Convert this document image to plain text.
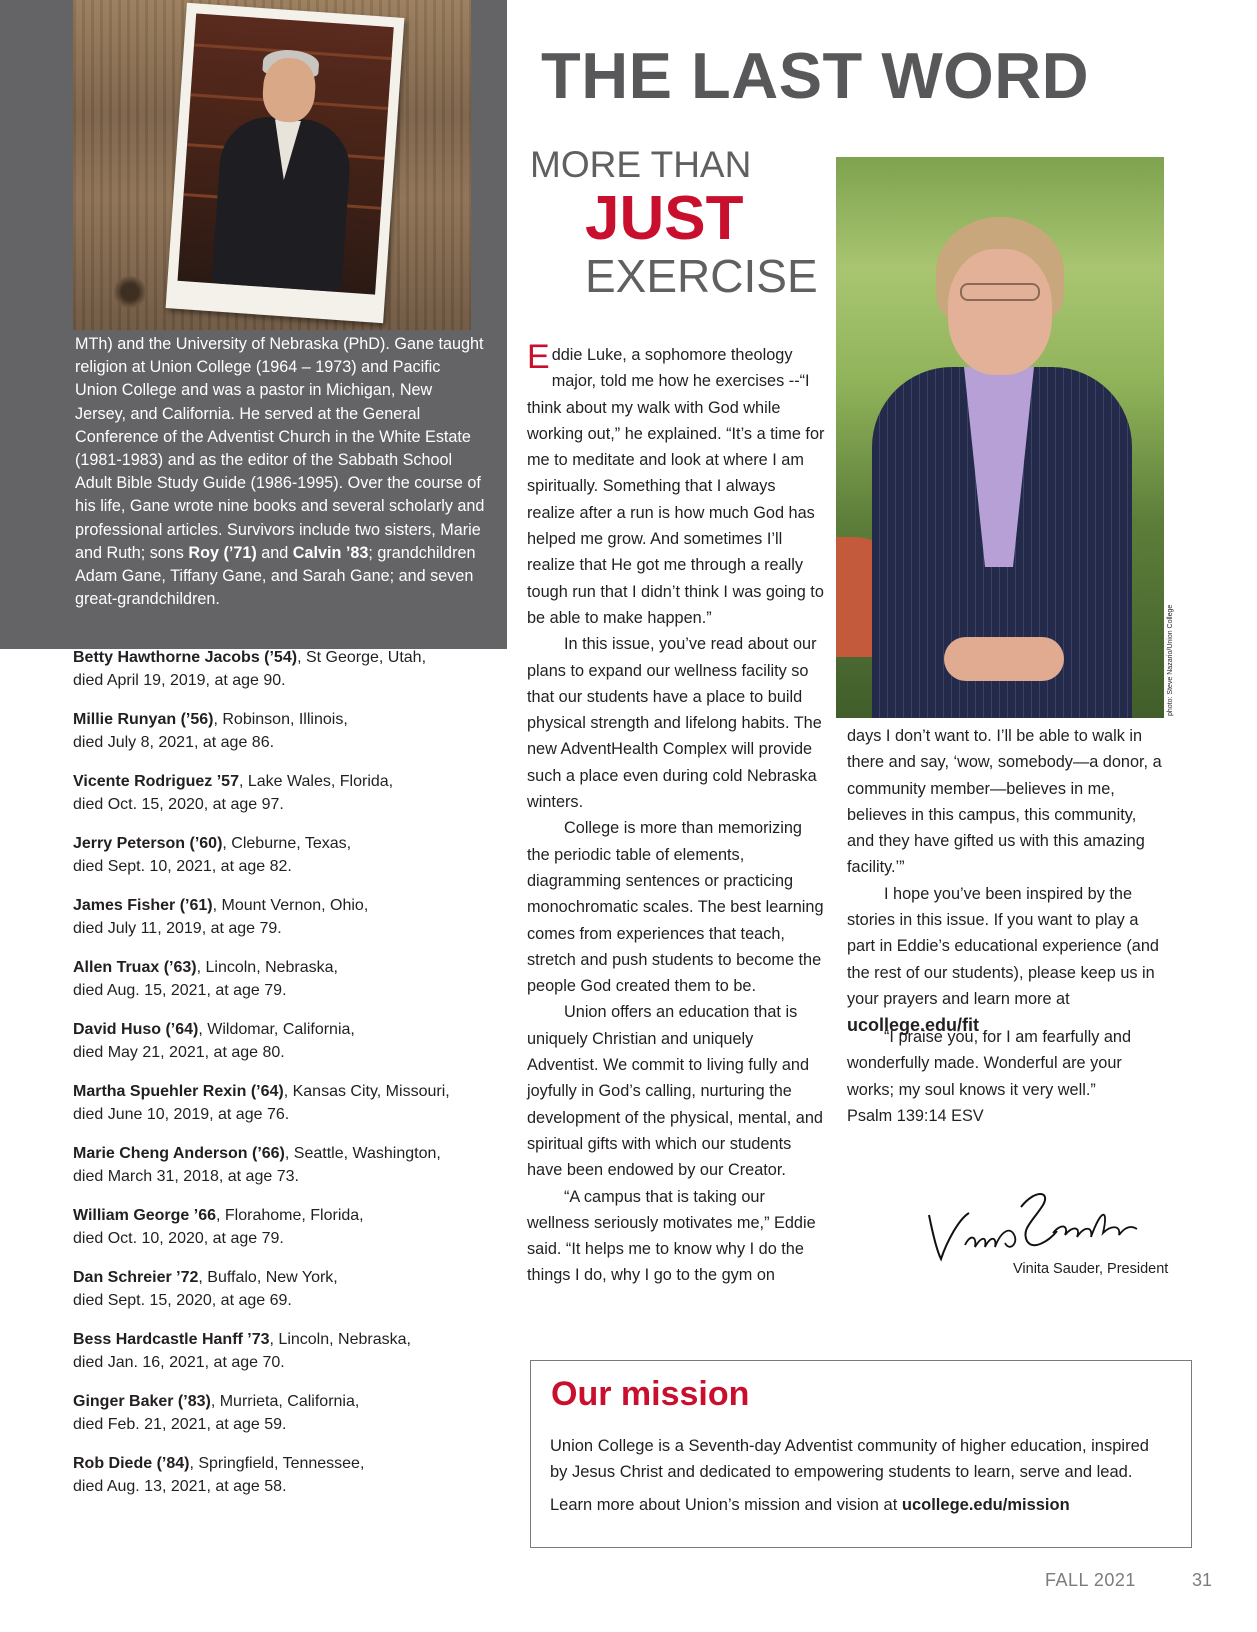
MTh) and the University of Nebraska (PhD). Gane taught religion at Union College (1964 – 1973) and Pacific Union College and was a pastor in Michigan, New Jersey, and California. He served at the General Conference of the Adventist Church in the White Estate (1981-1983) and as the editor of the Sabbath School Adult Bible Study Guide (1986-1995). Over the course of his life, Gane wrote nine books and several scholarly and professional articles. Survivors include two sisters, Marie and Ruth; sons Roy (’71) and Calvin ’83; grandchildren Adam Gane, Tiffany Gane, and Sarah Gane; and seven great-grandchildren.
Betty Hawthorne Jacobs (’54), St George, Utah,
died April 19, 2019, at age 90.
Millie Runyan (’56), Robinson, Illinois,
died July 8, 2021, at age 86.
Vicente Rodriguez ’57, Lake Wales, Florida,
died Oct. 15, 2020, at age 97.
Jerry Peterson (’60), Cleburne, Texas,
died Sept. 10, 2021, at age 82.
James Fisher (’61), Mount Vernon, Ohio,
died July 11, 2019, at age 79.
Allen Truax (’63), Lincoln, Nebraska,
died Aug. 15, 2021, at age 79.
David Huso (’64), Wildomar, California,
died May 21, 2021, at age 80.
Martha Spuehler Rexin (’64), Kansas City, Missouri,
died June 10, 2019, at age 76.
Marie Cheng Anderson (’66), Seattle, Washington,
died March 31, 2018, at age 73.
William George ’66, Florahome, Florida,
died Oct. 10, 2020, at age 79.
Dan Schreier ’72, Buffalo, New York,
died Sept. 15, 2020, at age 69.
Bess Hardcastle Hanff ’73, Lincoln, Nebraska,
died Jan. 16, 2021, at age 70.
Ginger Baker (’83), Murrieta, California,
died Feb. 21, 2021, at age 59.
Rob Diede (’84), Springfield, Tennessee,
died Aug. 13, 2021, at age 58.
THE LAST WORD
MORE THAN
JUST
EXERCISE
photo: Steve Nazario/Union College

Eddie Luke, a sophomore theology major, told me how he exercises --“I think about my walk with God while working out,” he explained. “It’s a time for me to meditate and look at where I am spiritually. Something that I always realize after a run is how much God has helped me grow. And sometimes I’ll realize that He got me through a really tough run that I didn’t think I was going to be able to make happen.”

In this issue, you’ve read about our plans to expand our wellness facility so that our students have a place to build physical strength and lifelong habits. The new AdventHealth Complex will provide such a place even during cold Nebraska winters.

College is more than memorizing the periodic table of elements, diagramming sentences or practicing monochromatic scales. The best learning comes from experiences that teach, stretch and push students to become the people God created them to be.

Union offers an education that is uniquely Christian and uniquely Adventist. We commit to living fully and joyfully in God’s calling, nurturing the development of the physical, mental, and spiritual gifts with which our students have been endowed by our Creator.

“A campus that is taking our wellness seriously motivates me,” Eddie said. “It helps me to know why I do the things I do, why I go to the gym on

days I don’t want to. I’ll be able to walk in there and say, ‘wow, somebody—a donor, a community member—believes in me, believes in this campus, this community, and they have gifted us with this amazing facility.’”

I hope you’ve been inspired by the stories in this issue. If you want to play a part in Eddie’s educational experience (and the rest of our students), please keep us in your prayers and learn more at ucollege.edu/fit

“I praise you, for I am fearfully and wonderfully made. Wonderful are your works; my soul knows it very well.”

Psalm 139:14 ESV

Vinita Sauder, President
Our mission

Union College is a Seventh-day Adventist community of higher education, inspired by Jesus Christ and dedicated to empowering students to learn, serve and lead.

Learn more about Union’s mission and vision at ucollege.edu/mission

FALL 2021	31
